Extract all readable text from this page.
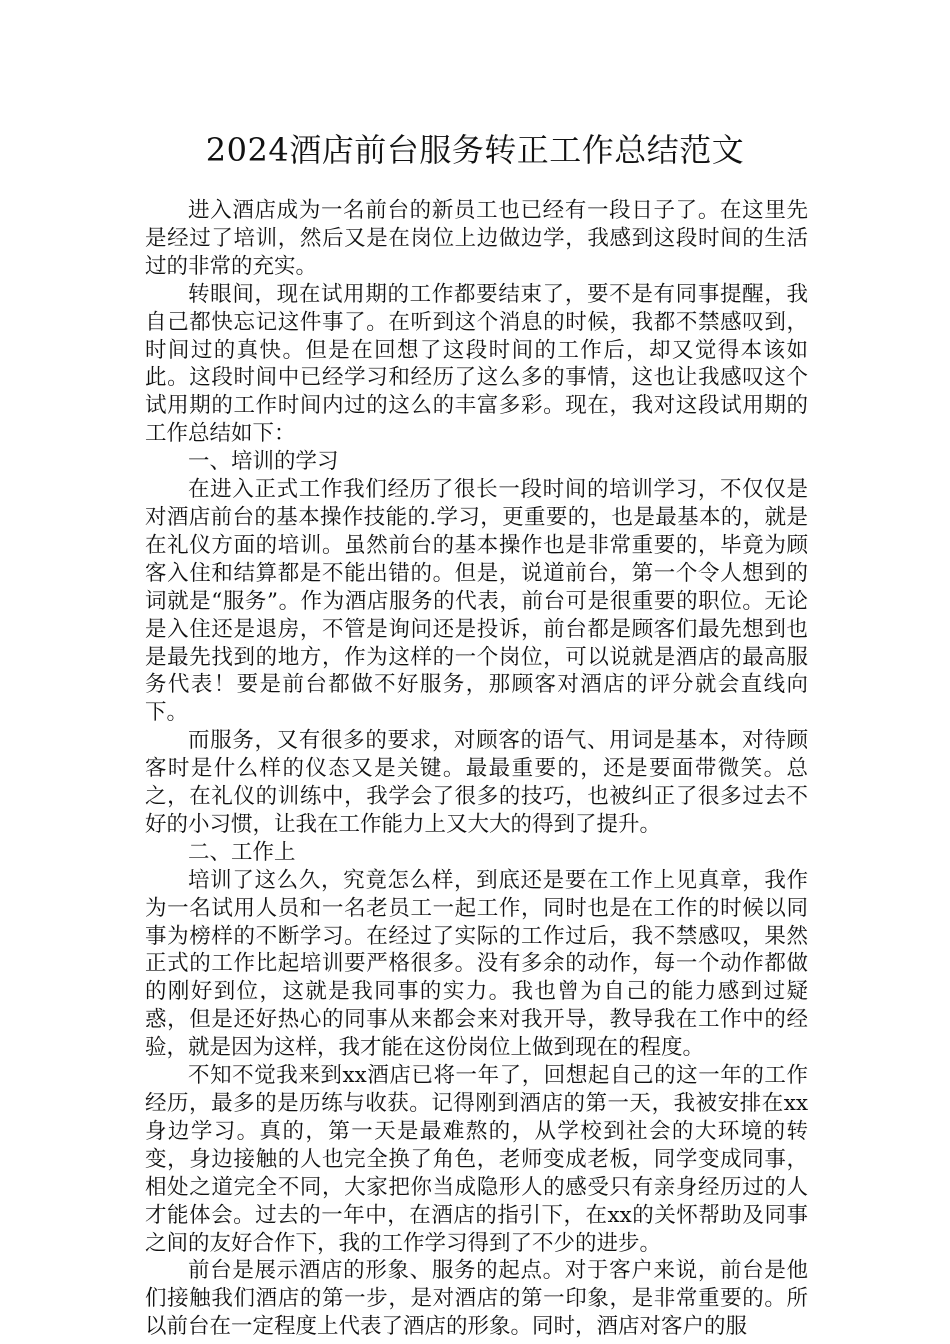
2024酒店前台服务转正工作总结范文

进入酒店成为一名前台的新员工也已经有一段日子了。在这里先是经过了培训，然后又是在岗位上边做边学，我感到这段时间的生活过的非常的充实。

转眼间，现在试用期的工作都要结束了，要不是有同事提醒，我自己都快忘记这件事了。在听到这个消息的时候，我都不禁感叹到，时间过的真快。但是在回想了这段时间的工作后，却又觉得本该如此。这段时间中已经学习和经历了这么多的事情，这也让我感叹这个试用期的工作时间内过的这么的丰富多彩。现在，我对这段试用期的工作总结如下：

一、培训的学习

在进入正式工作我们经历了很长一段时间的培训学习，不仅仅是对酒店前台的基本操作技能的.学习，更重要的，也是最基本的，就是在礼仪方面的培训。虽然前台的基本操作也是非常重要的，毕竟为顾客入住和结算都是不能出错的。但是，说道前台，第一个令人想到的词就是“服务”。作为酒店服务的代表，前台可是很重要的职位。无论是入住还是退房，不管是询问还是投诉，前台都是顾客们最先想到也是最先找到的地方，作为这样的一个岗位，可以说就是酒店的最高服务代表！要是前台都做不好服务，那顾客对酒店的评分就会直线向下。

而服务，又有很多的要求，对顾客的语气、用词是基本，对待顾客时是什么样的仪态又是关键。最最重要的，还是要面带微笑。总之，在礼仪的训练中，我学会了很多的技巧，也被纠正了很多过去不好的小习惯，让我在工作能力上又大大的得到了提升。

二、工作上

培训了这么久，究竟怎么样，到底还是要在工作上见真章，我作为一名试用人员和一名老员工一起工作，同时也是在工作的时候以同事为榜样的不断学习。在经过了实际的工作过后，我不禁感叹，果然正式的工作比起培训要严格很多。没有多余的动作，每一个动作都做的刚好到位，这就是我同事的实力。我也曾为自己的能力感到过疑惑，但是还好热心的同事从来都会来对我开导，教导我在工作中的经验，就是因为这样，我才能在这份岗位上做到现在的程度。

不知不觉我来到xx酒店已将一年了，回想起自己的这一年的工作经历，最多的是历练与收获。记得刚到酒店的第一天，我被安排在xx身边学习。真的，第一天是最难熬的，从学校到社会的大环境的转变，身边接触的人也完全换了角色，老师变成老板，同学变成同事，相处之道完全不同，大家把你当成隐形人的感受只有亲身经历过的人才能体会。过去的一年中，在酒店的指引下，在xx的关怀帮助及同事之间的友好合作下，我的工作学习得到了不少的进步。

前台是展示酒店的形象、服务的起点。对于客户来说，前台是他们接触我们酒店的第一步，是对酒店的第一印象，是非常重要的。所以前台在一定程度上代表了酒店的形象。同时，酒店对客户的服
